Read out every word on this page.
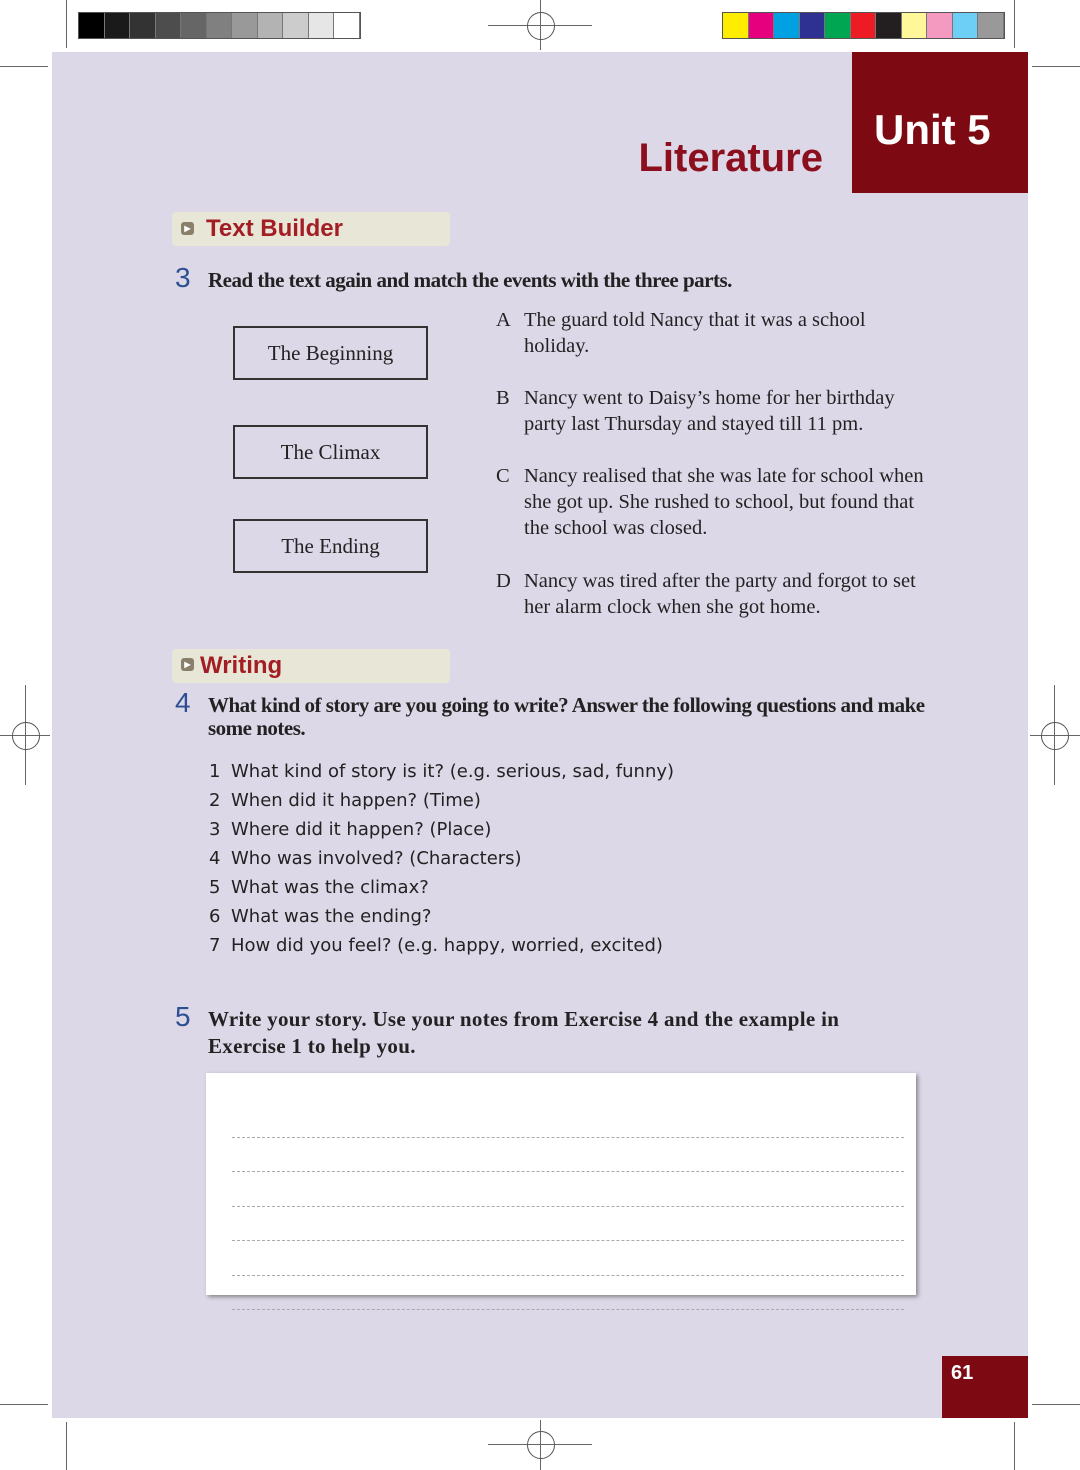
Unit 5
Literature
▶ Text Builder
3 Read the text again and match the events with the three parts.
The Beginning
The Climax
The Ending
A The guard told Nancy that it was a school holiday.
B Nancy went to Daisy’s home for her birthday party last Thursday and stayed till 11 pm.
C Nancy realised that she was late for school when she got up. She rushed to school, but found that the school was closed.
D Nancy was tired after the party and forgot to set her alarm clock when she got home.
▶ Writing
4 What kind of story are you going to write? Answer the following questions and make some notes.
1 What kind of story is it? (e.g. serious, sad, funny)
2 When did it happen? (Time)
3 Where did it happen? (Place)
4 Who was involved? (Characters)
5 What was the climax?
6 What was the ending?
7 How did you feel? (e.g. happy, worried, excited)
5 Write your story. Use your notes from Exercise 4 and the example in Exercise 1 to help you.
61
